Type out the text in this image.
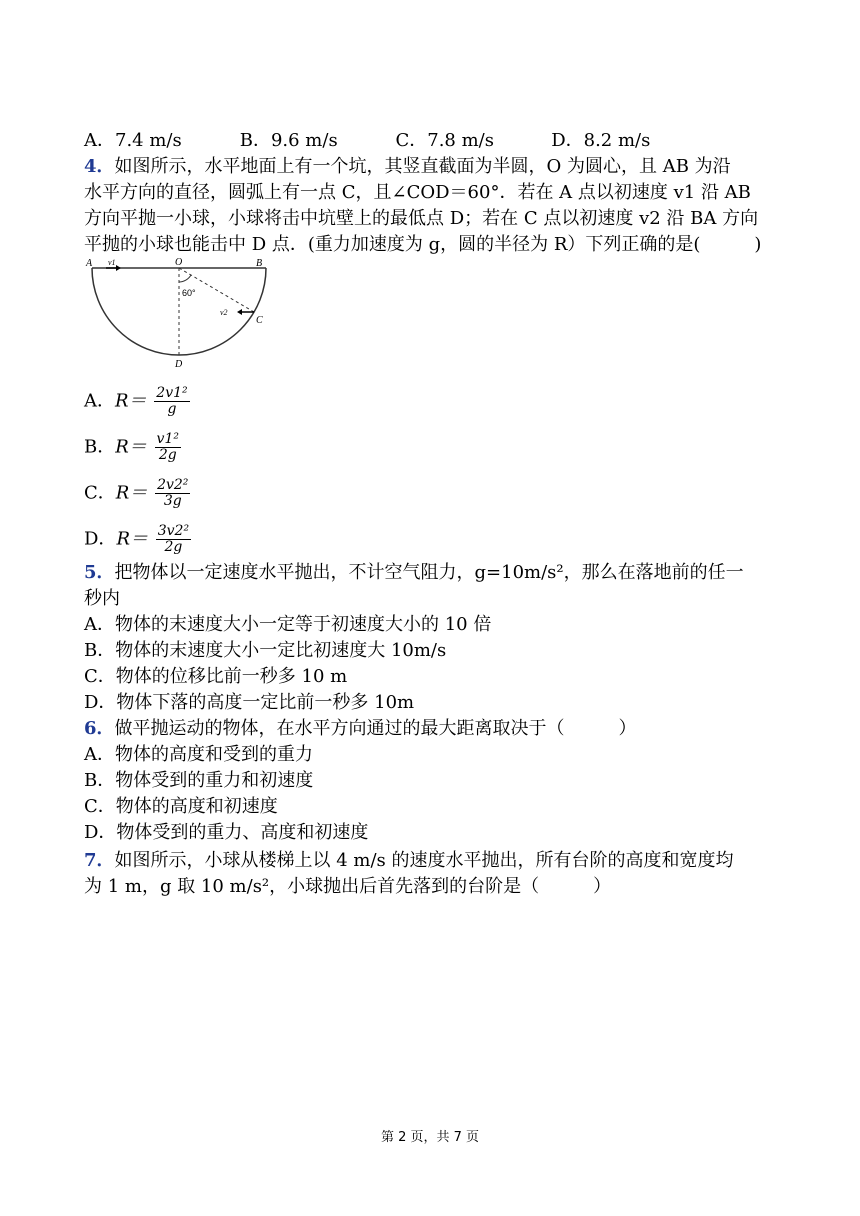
A．7.4 m/s	B．9.6 m/s	C．7.8 m/s	D．8.2 m/s
4．如图所示，水平地面上有一个坑，其竖直截面为半圆，O 为圆心，且 AB 为沿
水平方向的直径，圆弧上有一点 C，且∠COD＝60°．若在 A 点以初速度 v1 沿 AB
方向平抛一小球，小球将击中坑壁上的最低点 D；若在 C 点以初速度 v2 沿 BA 方向
平抛的小球也能击中 D 点．(重力加速度为 g，圆的半径为 R）下列正确的是(　　　)
A v1	O	B
60°
v2
C
D
A．$R= \frac{\text{2v1²}}{g}$
B．$R= \frac{\text{v1²}}{2g}$
C．$R= \frac{\text{2v2²}}{3g}$
D．$R= \frac{\text{3v2²}}{2g}$
5．把物体以一定速度水平抛出，不计空气阻力，g=10m/s²，那么在落地前的任一
秒内
A．物体的末速度大小一定等于初速度大小的 10 倍
B．物体的末速度大小一定比初速度大 10m/s
C．物体的位移比前一秒多 10 m
D．物体下落的高度一定比前一秒多 10m
6．做平抛运动的物体，在水平方向通过的最大距离取决于（　　　）
A．物体的高度和受到的重力
B．物体受到的重力和初速度
C．物体的高度和初速度
D．物体受到的重力、高度和初速度
7．如图所示，小球从楼梯上以 4 m/s 的速度水平抛出，所有台阶的高度和宽度均
为 1 m，g 取 10 m/s²，小球抛出后首先落到的台阶是（　　　）
第 2 页，共 7 页
